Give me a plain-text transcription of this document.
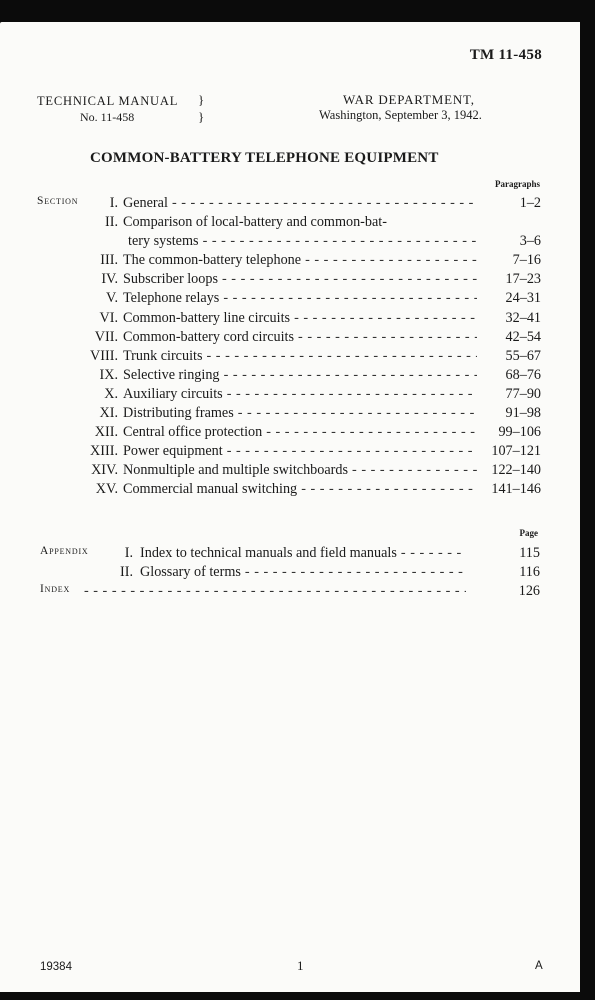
TM 11-458
TECHNICAL MANUAL
No. 11-458
}
}
WAR DEPARTMENT,
Washington, September 3, 1942.
COMMON-BATTERY TELEPHONE EQUIPMENT
Paragraphs
Section I. General - - -	1–2
II. Comparison of local-battery and common-bat-
tery systems - - -	3–6
III. The common-battery telephone - - -	7–16
IV. Subscriber loops - - -	17–23
V. Telephone relays - - -	24–31
VI. Common-battery line circuits - - -	32–41
VII. Common-battery cord circuits - - -	42–54
VIII. Trunk circuits - - -	55–67
IX. Selective ringing - - -	68–76
X. Auxiliary circuits - - -	77–90
XI. Distributing frames - - -	91–98
XII. Central office protection - - -	99–106
XIII. Power equipment - - -	107–121
XIV. Nonmultiple and multiple switchboards - - -	122–140
XV. Commercial manual switching - - -	141–146
Page
Appendix	I. Index to technical manuals and field manuals - - -	115
II. Glossary of terms - - -	116
Index
- - -	126
19384	1	A
